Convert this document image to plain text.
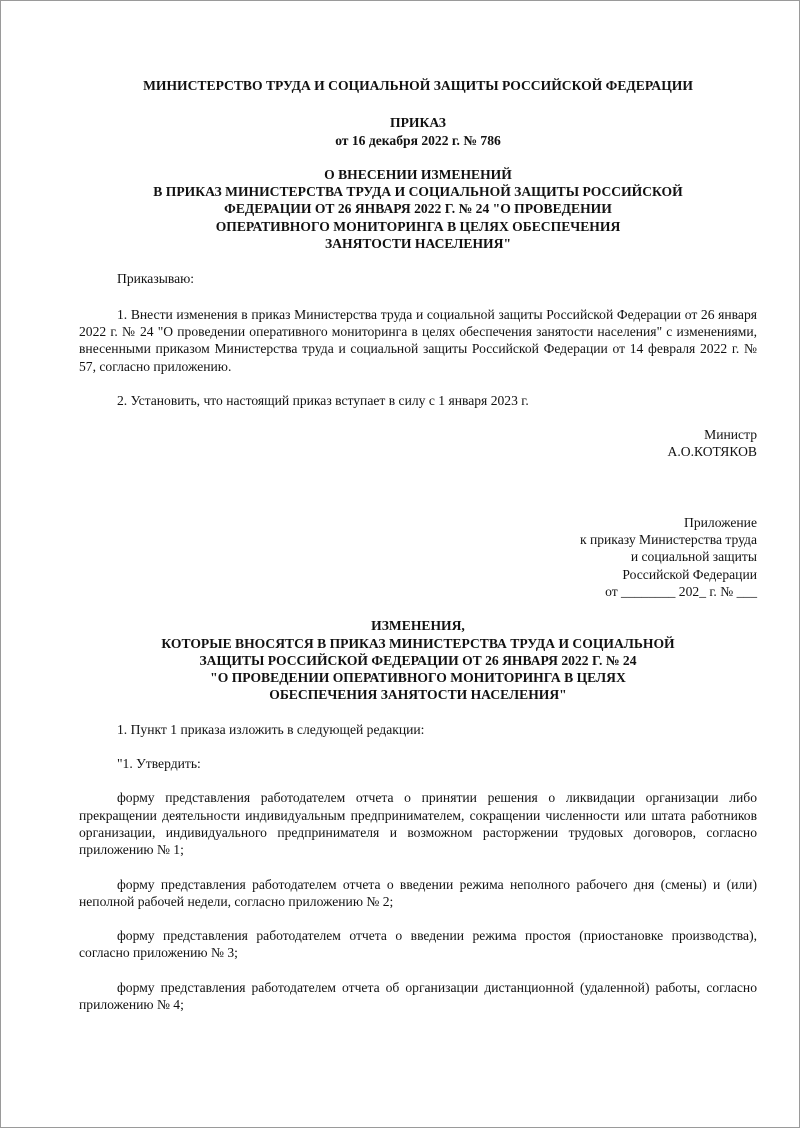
МИНИСТЕРСТВО ТРУДА И СОЦИАЛЬНОЙ ЗАЩИТЫ РОССИЙСКОЙ ФЕДЕРАЦИИ
ПРИКАЗ
от 16 декабря 2022 г. № 786
О ВНЕСЕНИИ ИЗМЕНЕНИЙ
В ПРИКАЗ МИНИСТЕРСТВА ТРУДА И СОЦИАЛЬНОЙ ЗАЩИТЫ РОССИЙСКОЙ
ФЕДЕРАЦИИ ОТ 26 ЯНВАРЯ 2022 Г. № 24 "О ПРОВЕДЕНИИ
ОПЕРАТИВНОГО МОНИТОРИНГА В ЦЕЛЯХ ОБЕСПЕЧЕНИЯ
ЗАНЯТОСТИ НАСЕЛЕНИЯ"

Приказываю:

1. Внести изменения в приказ Министерства труда и социальной защиты Российской Федерации от 26 января 2022 г. № 24 "О проведении оперативного мониторинга в целях обеспечения занятости населения" с изменениями, внесенными приказом Министерства труда и социальной защиты Российской Федерации от 14 февраля 2022 г. № 57, согласно приложению.

2. Установить, что настоящий приказ вступает в силу с 1 января 2023 г.

Министр
А.О.КОТЯКОВ
Приложение
к приказу Министерства труда
и социальной защиты
Российской Федерации
от ________ 202_ г. № ___
ИЗМЕНЕНИЯ,
КОТОРЫЕ ВНОСЯТСЯ В ПРИКАЗ МИНИСТЕРСТВА ТРУДА И СОЦИАЛЬНОЙ
ЗАЩИТЫ РОССИЙСКОЙ ФЕДЕРАЦИИ ОТ 26 ЯНВАРЯ 2022 Г. № 24
"О ПРОВЕДЕНИИ ОПЕРАТИВНОГО МОНИТОРИНГА В ЦЕЛЯХ
ОБЕСПЕЧЕНИЯ ЗАНЯТОСТИ НАСЕЛЕНИЯ"

1. Пункт 1 приказа изложить в следующей редакции:

"1. Утвердить:

форму представления работодателем отчета о принятии решения о ликвидации организации либо прекращении деятельности индивидуальным предпринимателем, сокращении численности или штата работников организации, индивидуального предпринимателя и возможном расторжении трудовых договоров, согласно приложению № 1;

форму представления работодателем отчета о введении режима неполного рабочего дня (смены) и (или) неполной рабочей недели, согласно приложению № 2;

форму представления работодателем отчета о введении режима простоя (приостановке производства), согласно приложению № 3;

форму представления работодателем отчета об организации дистанционной (удаленной) работы, согласно приложению № 4;
